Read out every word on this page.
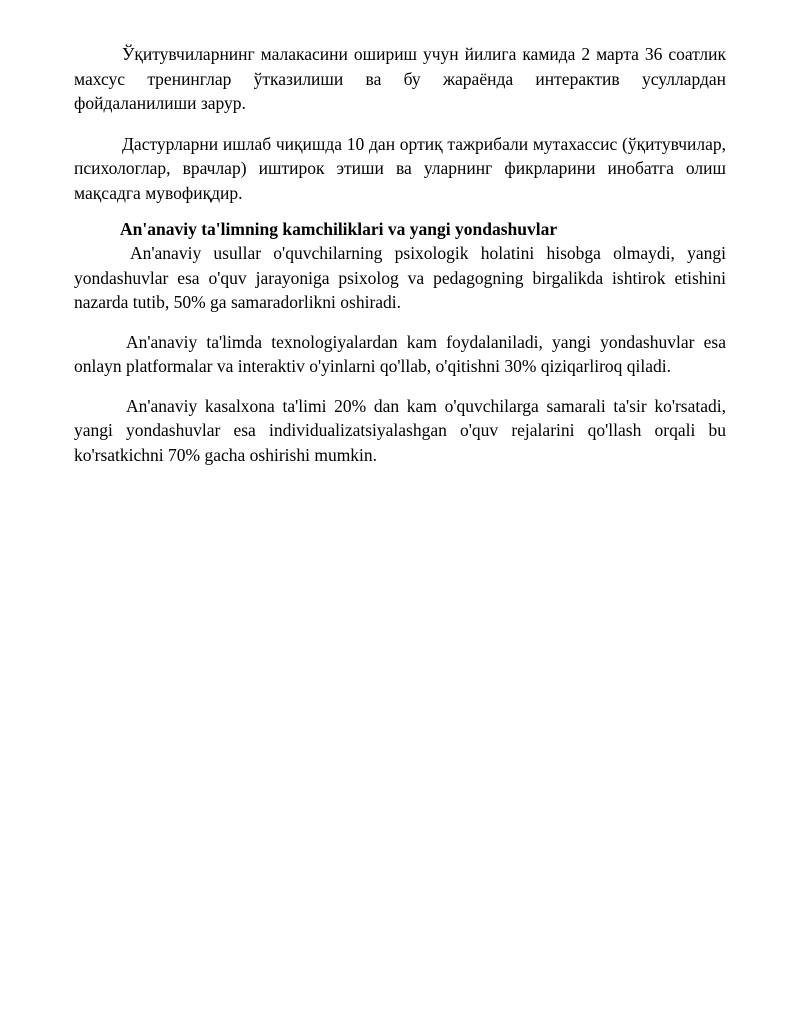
Ўқитувчиларнинг малакасини ошириш учун йилига камида 2 марта 36 соатлик махсус тренинглар ўтказилиши ва бу жараёнда интерактив усуллардан фойдаланилиши зарур.

Дастурларни ишлаб чиқишда 10 дан ортиқ тажрибали мутахассис (ўқитувчилар, психологлар, врачлар) иштирок этиши ва уларнинг фикрларини инобатга олиш мақсадга мувофиқдир.

An'anaviy ta'limning kamchiliklari va yangi yondashuvlar

An'anaviy usullar o'quvchilarning psixologik holatini hisobga olmaydi, yangi yondashuvlar esa o'quv jarayoniga psixolog va pedagogning birgalikda ishtirok etishini nazarda tutib, 50% ga samaradorlikni oshiradi.

An'anaviy ta'limda texnologiyalardan kam foydalaniladi, yangi yondashuvlar esa onlayn platformalar va interaktiv o'yinlarni qo'llab, o'qitishni 30% qiziqarliroq qiladi.

An'anaviy kasalxona ta'limi 20% dan kam o'quvchilarga samarali ta'sir ko'rsatadi, yangi yondashuvlar esa individualizatsiyalashgan o'quv rejalarini qo'llash orqali bu ko'rsatkichni 70% gacha oshirishi mumkin.
